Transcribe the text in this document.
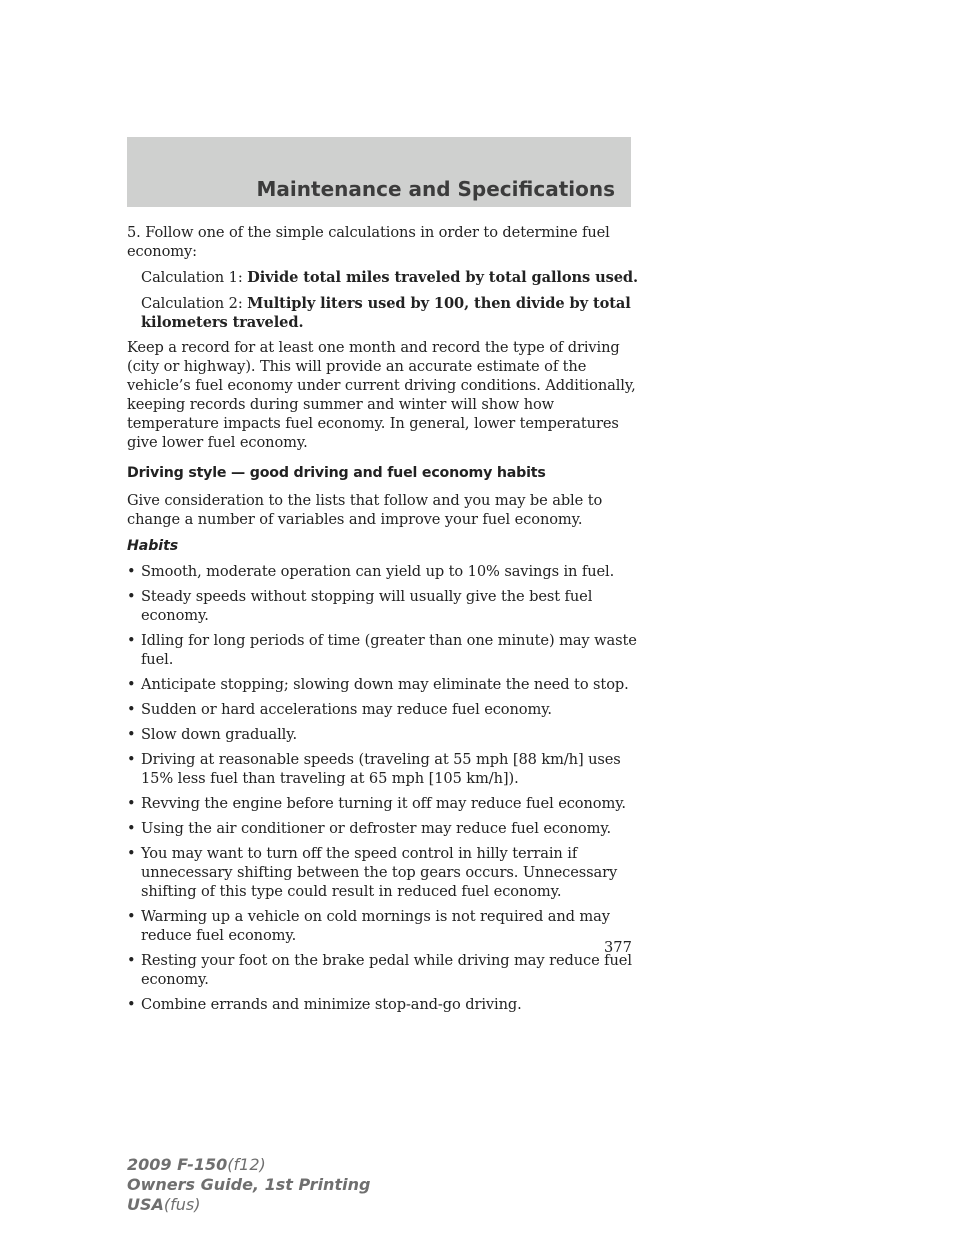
Maintenance and Specifications

5. Follow one of the simple calculations in order to determine fuel economy:

Calculation 1: Divide total miles traveled by total gallons used.

Calculation 2: Multiply liters used by 100, then divide by total
kilometers traveled.

Keep a record for at least one month and record the type of driving (city or highway). This will provide an accurate estimate of the vehicle’s fuel economy under current driving conditions. Additionally, keeping records during summer and winter will show how temperature impacts fuel economy. In general, lower temperatures give lower fuel economy.

Driving style — good driving and fuel economy habits

Give consideration to the lists that follow and you may be able to change a number of variables and improve your fuel economy.

Habits

• Smooth, moderate operation can yield up to 10% savings in fuel.
• Steady speeds without stopping will usually give the best fuel economy.
• Idling for long periods of time (greater than one minute) may waste fuel.
• Anticipate stopping; slowing down may eliminate the need to stop.
• Sudden or hard accelerations may reduce fuel economy.
• Slow down gradually.
• Driving at reasonable speeds (traveling at 55 mph [88 km/h] uses 15% less fuel than traveling at 65 mph [105 km/h]).
• Revving the engine before turning it off may reduce fuel economy.
• Using the air conditioner or defroster may reduce fuel economy.
• You may want to turn off the speed control in hilly terrain if unnecessary shifting between the top gears occurs. Unnecessary shifting of this type could result in reduced fuel economy.
• Warming up a vehicle on cold mornings is not required and may reduce fuel economy.
• Resting your foot on the brake pedal while driving may reduce fuel economy.
• Combine errands and minimize stop-and-go driving.
377
2009 F-150(f12)
Owners Guide, 1st Printing
USA(fus)
